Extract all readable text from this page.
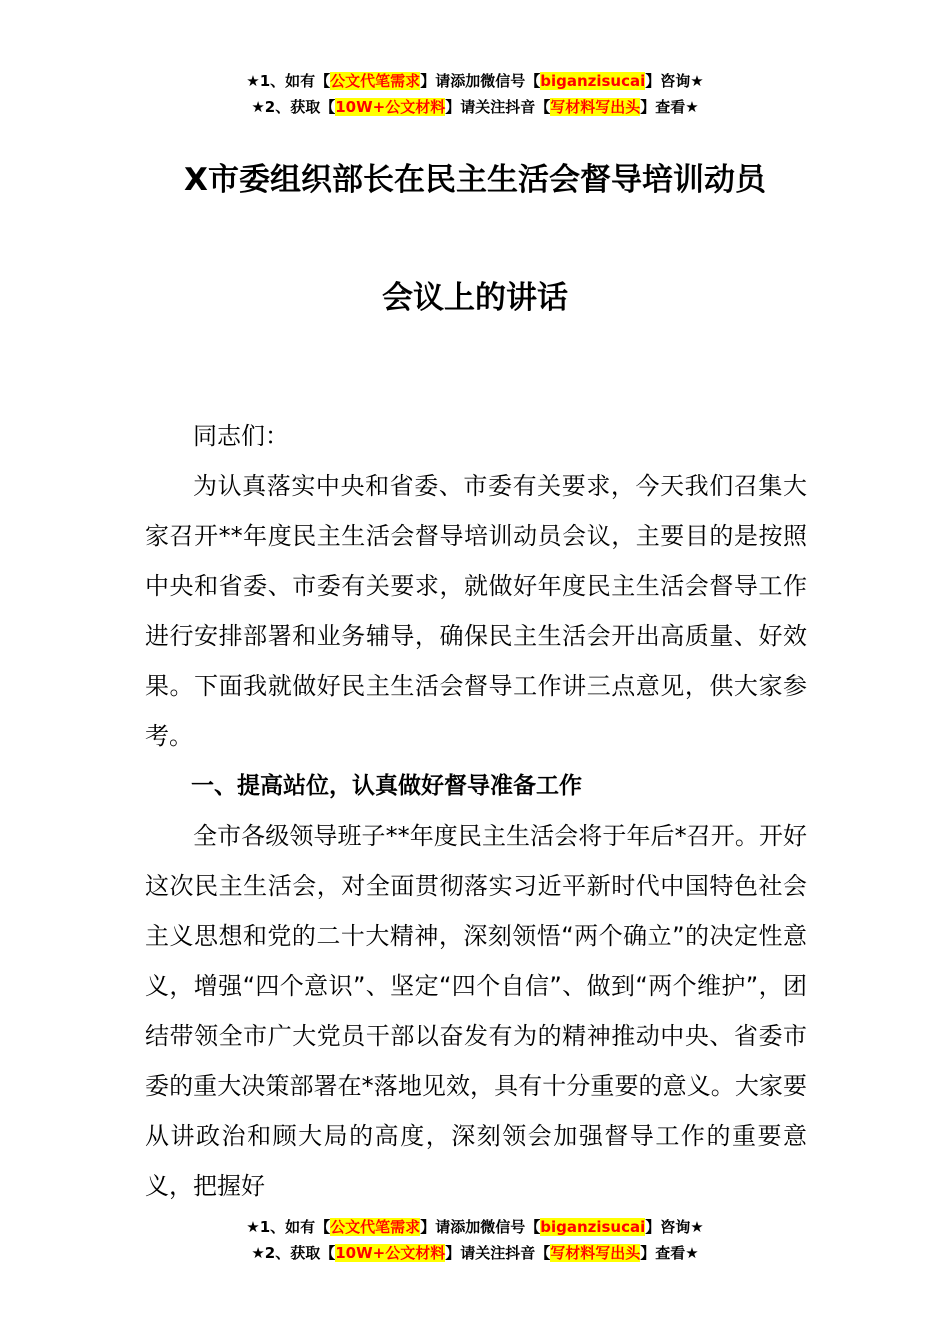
★1、如有【公文代笔需求】请添加微信号【biganzisucai】咨询★
★2、获取【10W+公文材料】请关注抖音【写材料写出头】查看★
X市委组织部长在民主生活会督导培训动员
会议上的讲话

同志们：

为认真落实中央和省委、市委有关要求，今天我们召集大家召开**年度民主生活会督导培训动员会议，主要目的是按照中央和省委、市委有关要求，就做好年度民主生活会督导工作进行安排部署和业务辅导，确保民主生活会开出高质量、好效果。下面我就做好民主生活会督导工作讲三点意见，供大家参考。

一、提高站位，认真做好督导准备工作

全市各级领导班子**年度民主生活会将于年后*召开。开好这次民主生活会，对全面贯彻落实习近平新时代中国特色社会主义思想和党的二十大精神，深刻领悟“两个确立”的决定性意义，增强“四个意识”、坚定“四个自信”、做到“两个维护”，团结带领全市广大党员干部以奋发有为的精神推动中央、省委市委的重大决策部署在*落地见效，具有十分重要的意义。大家要从讲政治和顾大局的高度，深刻领会加强督导工作的重要意义，把握好

★1、如有【公文代笔需求】请添加微信号【biganzisucai】咨询★
★2、获取【10W+公文材料】请关注抖音【写材料写出头】查看★
